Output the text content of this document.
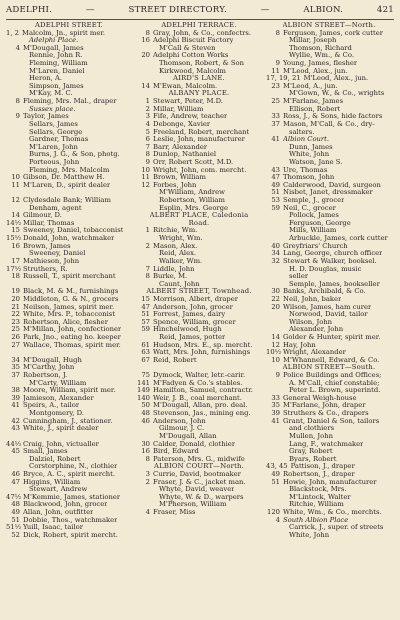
ADELPHI.	—	STREET DIRECTORY.	—	ALBION.	421
ADELPHI STREET.
1, 2 Malcolm, Jn., spirit mer.
Adelphi Place.
4 M'Dougall, James
Rennie, John R.
Fleming, William
M'Laren, Daniel
Heron, A.
Simpson, James
M'Kay, M. C.
8 Fleming, Mrs. Mal., draper
Sussex place.
9 Taylor, James
Sellars, James
Sellars, George
Gardner, Thomas
M'Laren, John
Burns, J. G., & Son, photg.
Porteous, John
Fleming, Mrs. Malcolm
10 Gibson, Dr. Matthew H.
11 M'Laren, D., spirit dealer
12 Clydesdale Bank; William
Denham, agent
14 Gilmour, D.
14½ Millar, Thomas
15 Sweeney, Daniel, tobacconist
15½ Donald, John, watchmaker
16 Brown, James
Sweeney, Daniel
17 Mathieson, John
17½ Struthers, R.
18 Russell, T., spirit merchant
19 Black, M. & M., furnishings
20 Middleton, G. & N., grocers
21 Neilson, James, spirit mer.
22 White, Mrs. P., tobacconist
23 Robertson, Alice, flesher
25 M'Millan, John, confectioner
26 Park, Jno., eating ho. keeper
27 Wallace, Thomas, spirit mer.
34 M'Dougall, Hugh
35 M'Carthy, John
37 Robertson, J.
M'Carty, William
38 Moore, William, spirit mer.
39 Jamieson, Alexander
41 Speirs, A., tailor
Montgomery, D.
42 Cunningham, J., stationer.
43 White, J., spirit dealer
44½ Craig, John, victualler
45 Small, James
Dalziel, Robert
Corstorphine, N., clothier
46 Bryce, A. C., spirit mercht.
47 Higgins, William
Stewart, Andrew
47½ M'Kemmie, James, stationer
48 Blackwood, John, grocer
49 Allan, John, outfitter
51 Dobbie, Thos., watchmaker
51½ Yuill, Isaac, tailor
52 Dick, Robert, spirit mercht.
ADELPHI TERRACE.
8 Gray, John, & Co., confectrs.
16 Adelphi Biscuit Factory
M'Call & Steven
20 Adelphi Cotton Works
Thomson, Robert, & Son
Kirkwood, Malcolm
AIRD'S LANE.
14 M'Ewan, Malcolm.
ALBANY PLACE.
1 Stewart, Peter, M.D.
2 Millar, William
3 Fife, Andrew, teacher
4 Debonge, Xavier
5 Freeland, Robert, merchant
6 Leslie, John, manufacturer
7 Barr, Alexander
8 Dunlop, Nathaniel
9 Orr, Robert Scott, M.D.
10 Wright, John, com. mercht.
11 Brown, William
12 Forbes, John
M'William, Andrew
Robertson, William
Esplin, Mrs. George
ALBERT PLACE, Caledonia
Road.
1 Ritchie, Wm.
Wright, Wm.
2 Mason, Alex.
Reid, Alex.
Walker, Wm.
7 Liddle, John
8 Burke, M.
Caunt, John
ALBERT STREET, Townhead.
15 Morrison, Albert, draper
47 Anderson, John, grocer
51 Forrest, James, dairy
57 Spence, William, grocer
59 Hinchelwood, Hugh
Reid, James, potter
61 Hudson, Mrs. E., sp. mercht.
63 Watt, Mrs. John, furnishings
67 Reid, Robert
75 Dymock, Walter, letr.-carir.
141 M'Fadyen & Co.'s stables.
149 Hamilton, Samuel, contractr.
140 Weir, J. B., coal merchant.
50 M'Dougall, Allan, pro. deal.
48 Stevenson, Jas., mining eng.
46 Anderson, John
Gilmour, J. C.
M'Dougall, Allan
30 Calder, Donald, clothier
16 Bird, Edward
8 Paterson, Mrs. G., midwife
ALBION COURT—North.
3 Currie, David, bootmaker
2 Fraser, J. & C., jacket man.
Whyte, David, weaver
Whyte, W. & D., warpers
M'Pherson, William
4 Fraser, Miss
ALBION STREET—North.
8 Ferguson, James, cork cutter
Millar, Joseph
Thomson, Richard
Wyllie, Wm., & Co.
9 Young, James, flesher
11 M'Leod, Alex., jun.
17, 19, 21 M'Leod, Alex., jun.
23 M'Leod, A., jun.
M'Gown, W., & Co., wrights
25 M'Farlane, James
Ellison, Robert
33 Ross, J., & Sons, hide factors
37 Mason, M'Call, & Co., dry-
salters.
41 Albion Court.
Dunn, James
White, John
Watson, Jane S.
43 Ure, Thomas
47 Thomson, John
49 Calderwood, David, surgeon
51 Nisbet, Janet, dressmaker
53 Semple, J., grocer
59 Neil, C., grocer
Pollock, James
Ferguson, George
Mills, William
Arbuckle, James, cork cutter
40 Greyfriars' Church
34 Lang, George, church officer
32 Stewart & Walker, booksel.
H. D. Douglas, music
seller
Semple, James, bookseller
30 Banks, Archibald, & Co.
22 Neil, John, baker
20 Wilson, James, ham curer
Norwood, David, tailor
Wilson, John
Alexander, John
14 Golder & Hunter, spirit mer.
12 Hay, John
10½ Wright, Alexander
10 M'Whannell, Edward, & Co.
ALBION STREET—South.
9 Police Buildings and Offices;
A. M'Call, chief constable;
Peter L. Brown, superintd.
33 General Weigh-house
35 M'Farlane, John, draper
39 Struthers & Co., drapers
41 Grant, Daniel & Son, tailors
and clothiers
Mullen, John
Lang, F., watchmaker
Gray, Robert
Byars, Robert
43, 45 Pattison, J., draper
49 Robertson, J., draper
51 Howie, John, manufacturer
Blackstock, Mrs.
M'Lintock, Walter
Ritchie, William
120 White, Wm., & Co., merchts.
4 South Albion Place
Carrick, J., super. of streets
White, John
